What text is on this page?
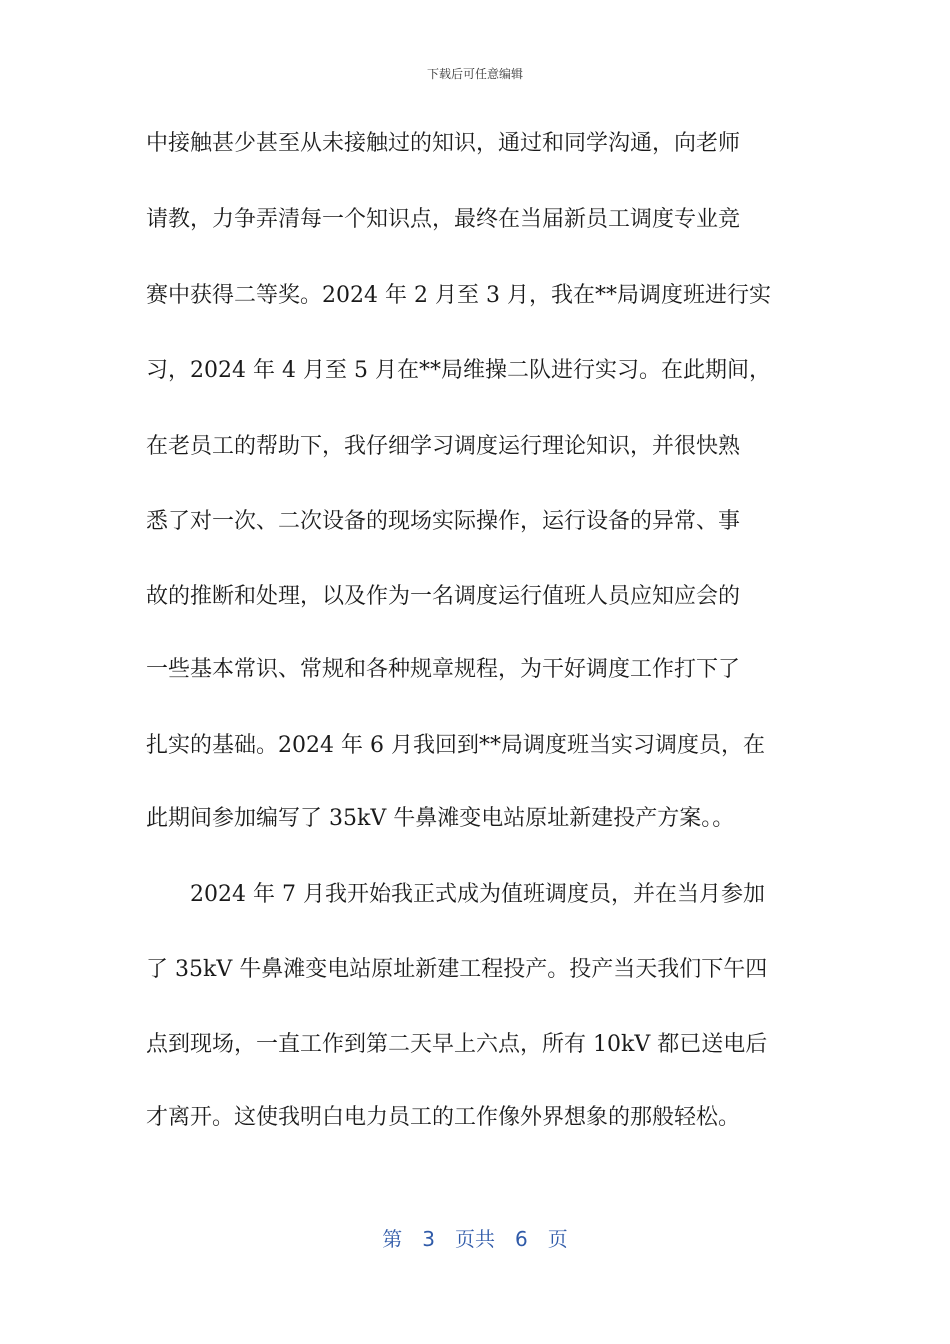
下载后可任意编辑
中接触甚少甚至从未接触过的知识，通过和同学沟通，向老师
请教，力争弄清每一个知识点，最终在当届新员工调度专业竞
赛中获得二等奖。2024 年 2 月至 3 月，我在**局调度班进行实
习，2024 年 4 月至 5 月在**局维操二队进行实习。在此期间，
在老员工的帮助下，我仔细学习调度运行理论知识，并很快熟
悉了对一次、二次设备的现场实际操作，运行设备的异常、事
故的推断和处理，以及作为一名调度运行值班人员应知应会的
一些基本常识、常规和各种规章规程，为干好调度工作打下了
扎实的基础。2024 年 6 月我回到**局调度班当实习调度员，在
此期间参加编写了 35kV 牛鼻滩变电站原址新建投产方案。。
2024 年 7 月我开始我正式成为值班调度员，并在当月参加
了 35kV 牛鼻滩变电站原址新建工程投产。投产当天我们下午四
点到现场，一直工作到第二天早上六点，所有 10kV 都已送电后
才离开。这使我明白电力员工的工作像外界想象的那般轻松。
第 3 页共 6 页
